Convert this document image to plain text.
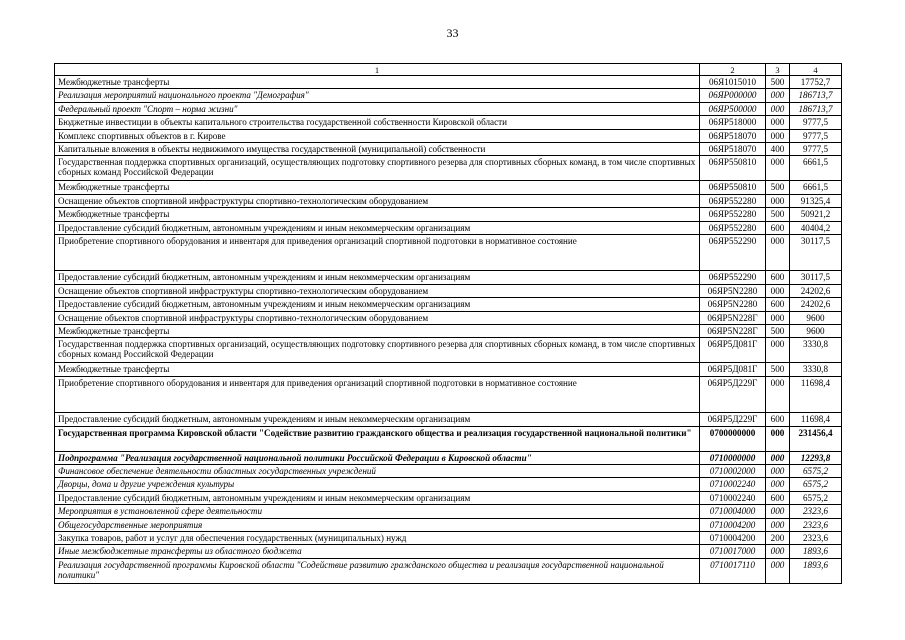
33
1	2	3	4
Межбюджетные трансферты	06Я1015010	500	17752,7
Реализация мероприятий национального проекта "Демография"	06ЯР000000	000	186713,7
Федеральный проект "Спорт – норма жизни"	06ЯР500000	000	186713,7
Бюджетные инвестиции в объекты капитального строительства государственной собственности Кировской области	06ЯР518000	000	9777,5
Комплекс спортивных объектов в г. Кирове	06ЯР518070	000	9777,5
Капитальные вложения в объекты недвижимого имущества государственной (муниципальной) собственности	06ЯР518070	400	9777,5
Государственная поддержка спортивных организаций, осуществляющих подготовку спортивного резерва для спортивных сборных команд, в том числе спортивных сборных команд Российской Федерации	06ЯР550810	000	6661,5
Межбюджетные трансферты	06ЯР550810	500	6661,5
Оснащение объектов спортивной инфраструктуры спортивно-технологическим оборудованием	06ЯР552280	000	91325,4
Межбюджетные трансферты	06ЯР552280	500	50921,2
Предоставление субсидий бюджетным, автономным учреждениям и иным некоммерческим организациям	06ЯР552280	600	40404,2
Приобретение спортивного оборудования и инвентаря для приведения организаций спортивной подготовки в нормативное состояние	06ЯР552290	000	30117,5
Предоставление субсидий бюджетным, автономным учреждениям и иным некоммерческим организациям	06ЯР552290	600	30117,5
Оснащение объектов спортивной инфраструктуры спортивно-технологическим оборудованием	06ЯР5N2280	000	24202,6
Предоставление субсидий бюджетным, автономным учреждениям и иным некоммерческим организациям	06ЯР5N2280	600	24202,6
Оснащение объектов спортивной инфраструктуры спортивно-технологическим оборудованием	06ЯР5N228Г	000	9600
Межбюджетные трансферты	06ЯР5N228Г	500	9600
Государственная поддержка спортивных организаций, осуществляющих подготовку спортивного резерва для спортивных сборных команд, в том числе спортивных сборных команд Российской Федерации	06ЯР5Д081Г	000	3330,8
Межбюджетные трансферты	06ЯР5Д081Г	500	3330,8
Приобретение спортивного оборудования и инвентаря для приведения организаций спортивной подготовки в нормативное состояние	06ЯР5Д229Г	000	11698,4
Предоставление субсидий бюджетным, автономным учреждениям и иным некоммерческим организациям	06ЯР5Д229Г	600	11698,4
Государственная программа Кировской области "Содействие развитию гражданского общества и реализация государственной национальной политики"	0700000000	000	231456,4
Подпрограмма "Реализация государственной национальной политики Российской Федерации в Кировской области"	0710000000	000	12293,8
Финансовое обеспечение деятельности областных государственных учреждений	0710002000	000	6575,2
Дворцы, дома и другие учреждения культуры	0710002240	000	6575,2
Предоставление субсидий бюджетным, автономным учреждениям и иным некоммерческим организациям	0710002240	600	6575,2
Мероприятия в установленной сфере деятельности	0710004000	000	2323,6
Общегосударственные мероприятия	0710004200	000	2323,6
Закупка товаров, работ и услуг для обеспечения государственных (муниципальных) нужд	0710004200	200	2323,6
Иные межбюджетные трансферты из областного бюджета	0710017000	000	1893,6
Реализация государственной программы Кировской области "Содействие развитию гражданского общества и реализация государственной национальной политики"	0710017110	000	1893,6
